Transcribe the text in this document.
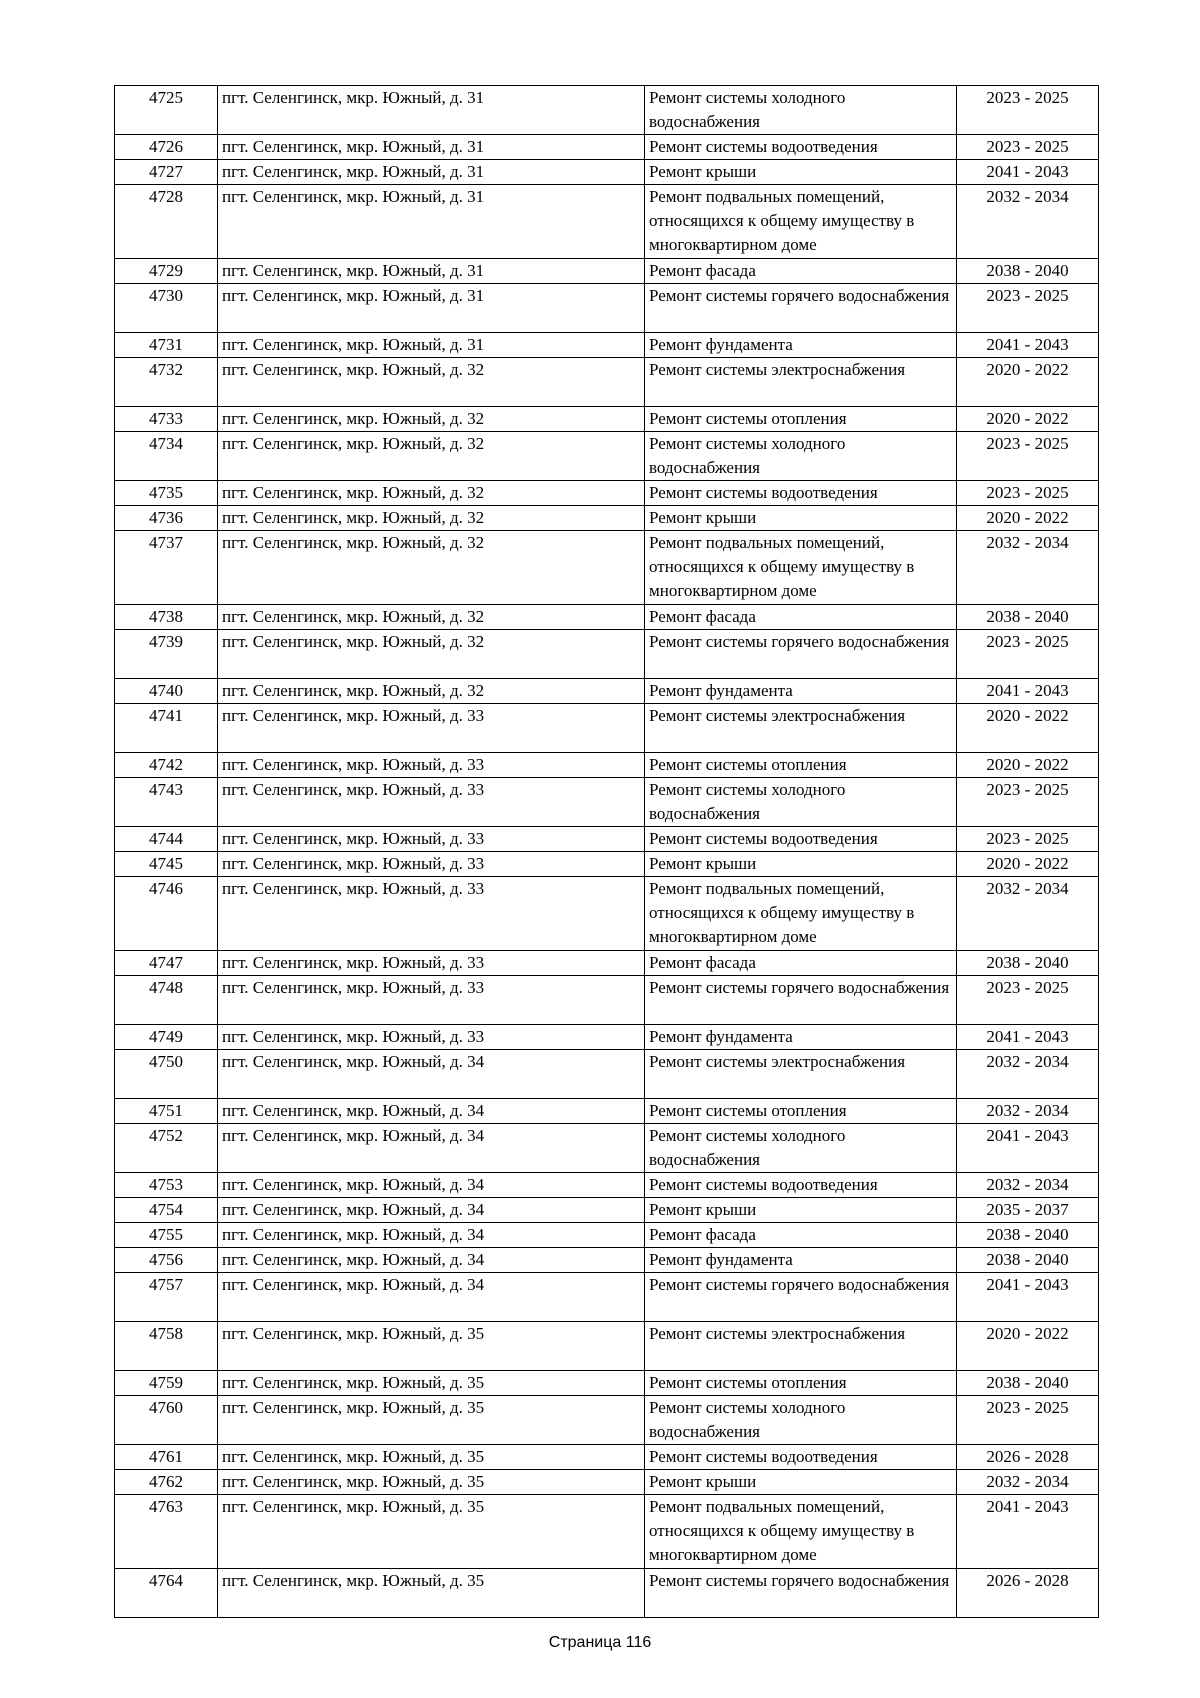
4725	пгт. Селенгинск, мкр. Южный, д. 31	Ремонт системы холодного водоснабжения	2023 - 2025
4726	пгт. Селенгинск, мкр. Южный, д. 31	Ремонт системы водоотведения	2023 - 2025
4727	пгт. Селенгинск, мкр. Южный, д. 31	Ремонт крыши	2041 - 2043
4728	пгт. Селенгинск, мкр. Южный, д. 31	Ремонт подвальных помещений, относящихся к общему имуществу в многоквартирном доме	2032 - 2034
4729	пгт. Селенгинск, мкр. Южный, д. 31	Ремонт фасада	2038 - 2040
4730	пгт. Селенгинск, мкр. Южный, д. 31	Ремонт системы горячего водоснабжения	2023 - 2025
4731	пгт. Селенгинск, мкр. Южный, д. 31	Ремонт фундамента	2041 - 2043
4732	пгт. Селенгинск, мкр. Южный, д. 32	Ремонт системы электроснабжения	2020 - 2022
4733	пгт. Селенгинск, мкр. Южный, д. 32	Ремонт системы отопления	2020 - 2022
4734	пгт. Селенгинск, мкр. Южный, д. 32	Ремонт системы холодного водоснабжения	2023 - 2025
4735	пгт. Селенгинск, мкр. Южный, д. 32	Ремонт системы водоотведения	2023 - 2025
4736	пгт. Селенгинск, мкр. Южный, д. 32	Ремонт крыши	2020 - 2022
4737	пгт. Селенгинск, мкр. Южный, д. 32	Ремонт подвальных помещений, относящихся к общему имуществу в многоквартирном доме	2032 - 2034
4738	пгт. Селенгинск, мкр. Южный, д. 32	Ремонт фасада	2038 - 2040
4739	пгт. Селенгинск, мкр. Южный, д. 32	Ремонт системы горячего водоснабжения	2023 - 2025
4740	пгт. Селенгинск, мкр. Южный, д. 32	Ремонт фундамента	2041 - 2043
4741	пгт. Селенгинск, мкр. Южный, д. 33	Ремонт системы электроснабжения	2020 - 2022
4742	пгт. Селенгинск, мкр. Южный, д. 33	Ремонт системы отопления	2020 - 2022
4743	пгт. Селенгинск, мкр. Южный, д. 33	Ремонт системы холодного водоснабжения	2023 - 2025
4744	пгт. Селенгинск, мкр. Южный, д. 33	Ремонт системы водоотведения	2023 - 2025
4745	пгт. Селенгинск, мкр. Южный, д. 33	Ремонт крыши	2020 - 2022
4746	пгт. Селенгинск, мкр. Южный, д. 33	Ремонт подвальных помещений, относящихся к общему имуществу в многоквартирном доме	2032 - 2034
4747	пгт. Селенгинск, мкр. Южный, д. 33	Ремонт фасада	2038 - 2040
4748	пгт. Селенгинск, мкр. Южный, д. 33	Ремонт системы горячего водоснабжения	2023 - 2025
4749	пгт. Селенгинск, мкр. Южный, д. 33	Ремонт фундамента	2041 - 2043
4750	пгт. Селенгинск, мкр. Южный, д. 34	Ремонт системы электроснабжения	2032 - 2034
4751	пгт. Селенгинск, мкр. Южный, д. 34	Ремонт системы отопления	2032 - 2034
4752	пгт. Селенгинск, мкр. Южный, д. 34	Ремонт системы холодного водоснабжения	2041 - 2043
4753	пгт. Селенгинск, мкр. Южный, д. 34	Ремонт системы водоотведения	2032 - 2034
4754	пгт. Селенгинск, мкр. Южный, д. 34	Ремонт крыши	2035 - 2037
4755	пгт. Селенгинск, мкр. Южный, д. 34	Ремонт фасада	2038 - 2040
4756	пгт. Селенгинск, мкр. Южный, д. 34	Ремонт фундамента	2038 - 2040
4757	пгт. Селенгинск, мкр. Южный, д. 34	Ремонт системы горячего водоснабжения	2041 - 2043
4758	пгт. Селенгинск, мкр. Южный, д. 35	Ремонт системы электроснабжения	2020 - 2022
4759	пгт. Селенгинск, мкр. Южный, д. 35	Ремонт системы отопления	2038 - 2040
4760	пгт. Селенгинск, мкр. Южный, д. 35	Ремонт системы холодного водоснабжения	2023 - 2025
4761	пгт. Селенгинск, мкр. Южный, д. 35	Ремонт системы водоотведения	2026 - 2028
4762	пгт. Селенгинск, мкр. Южный, д. 35	Ремонт крыши	2032 - 2034
4763	пгт. Селенгинск, мкр. Южный, д. 35	Ремонт подвальных помещений, относящихся к общему имуществу в многоквартирном доме	2041 - 2043
4764	пгт. Селенгинск, мкр. Южный, д. 35	Ремонт системы горячего водоснабжения	2026 - 2028
Страница 116
